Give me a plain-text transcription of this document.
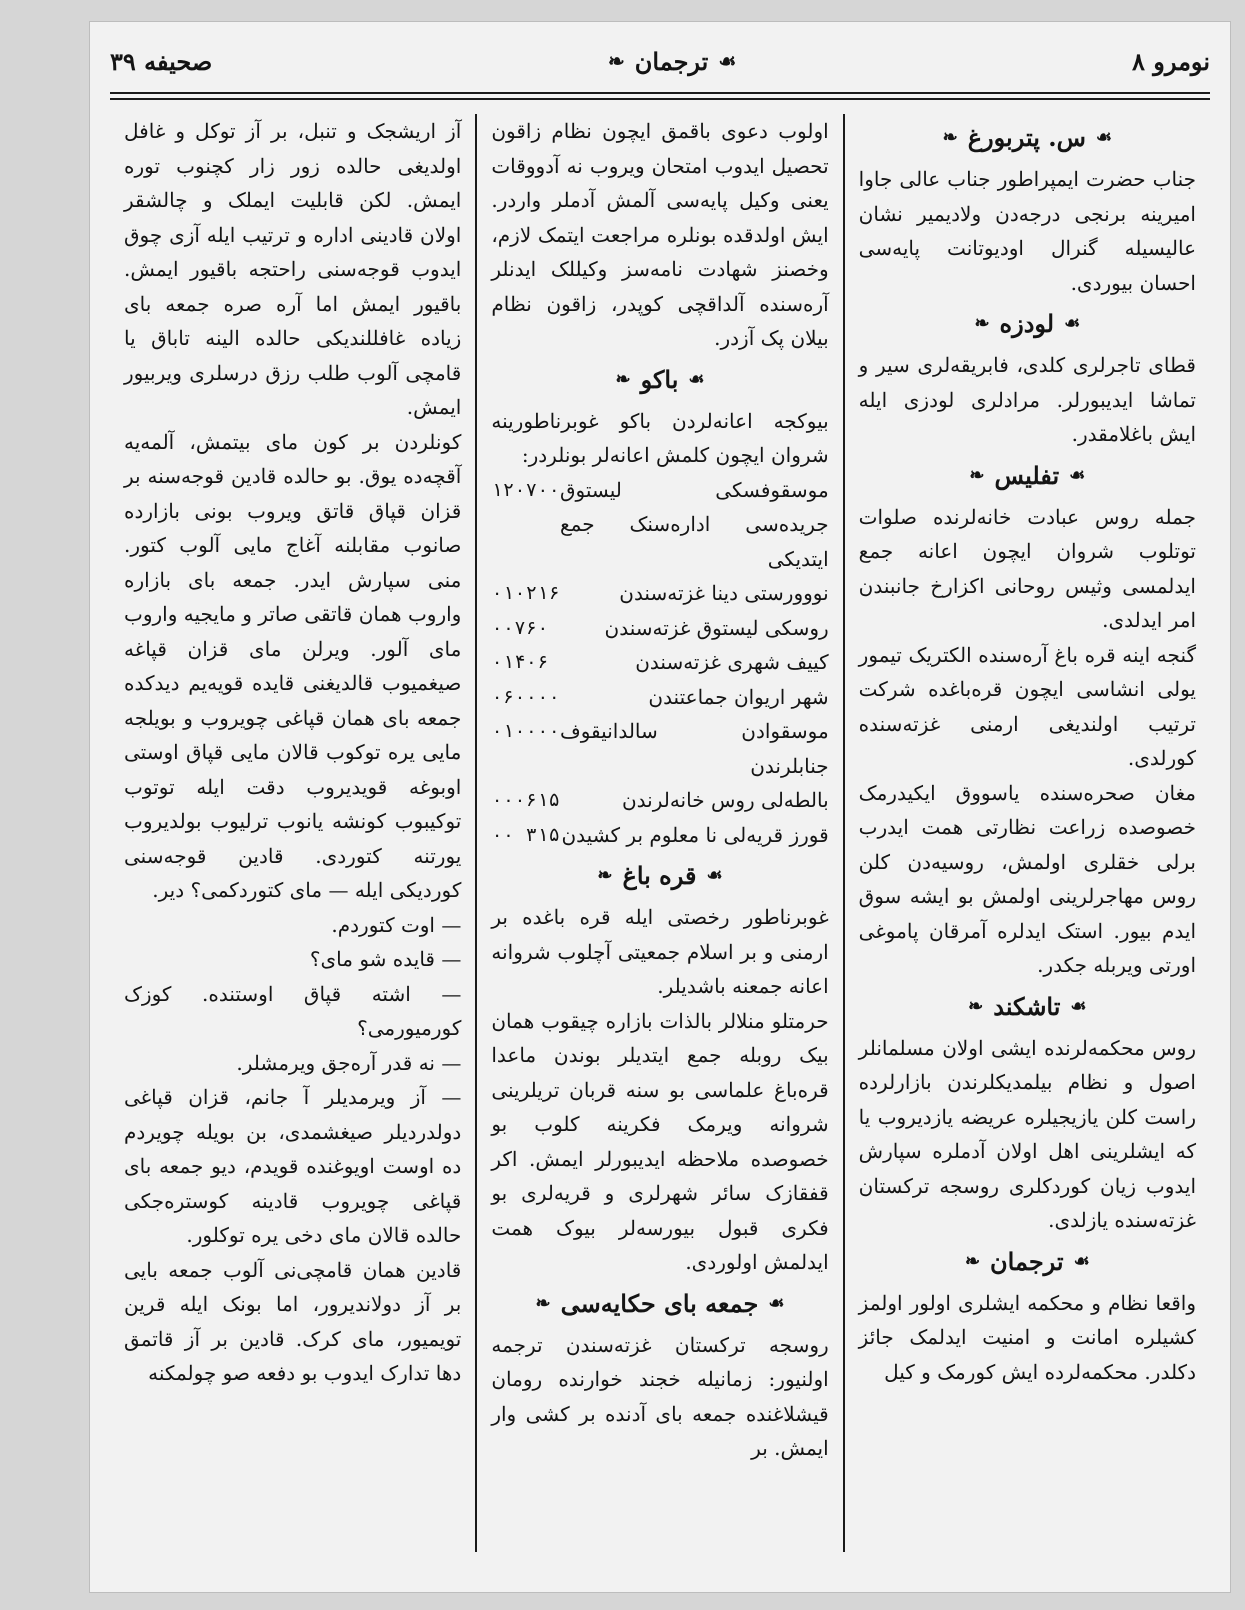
نومرو ۸
☙
ترجمان
❧
صحیفه ۳۹
☙
س. پتربورغ
❧

جناب حضرت ایمپراطور جناب عالی جاوا امیرینه برنجی درجه‌دن ولادیمیر نشان عالیسیله گنرال اودیوتانت پایه‌سی احسان بیوردی.

☙
لودزه
❧

قطای تاجرلری کلدی، فابریقه‌لری سیر و تماشا ایدیبورلر. مرادلری لودزی ایله ایش باغلامقدر.

☙
تفلیس
❧

جمله روس عبادت خانه‌لرنده صلوات توتلوب شروان ایچون اعانه جمع ایدلمسی وثیس روحانی اکزارخ جانبندن امر ایدلدی.

گنجه اینه قره باغ آره‌سنده الکتریک تیمور یولی انشاسی ایچون قره‌باغده شرکت ترتیب اولندیغی ارمنی غزته‌سنده کورلدی.

مغان صحره‌سنده یاسووق ایکیدرمک خصوصده زراعت نظارتی همت ایدرب برلی خقلری اولمش، روسیه‌دن کلن روس مهاجرلرینی اولمش بو ایشه سوق ایدم بیور. استک ایدلره آمرقان پاموغی اورتی ویربله جکدر.

☙
تاشکند
❧

روس محکمه‌لرنده ایشی اولان مسلمانلر اصول و نظام بیلمدیکلرندن بازارلرده راست کلن یازیجیلره عریضه یازدیروب یا که ایشلرینی اهل اولان آدملره سپارش ایدوب زیان کوردکلری روسجه ترکستان غزته‌سنده یازلدی.

☙
ترجمان
❧

واقعا نظام و محکمه ایشلری اولور اولمز کشیلره امانت و امنیت ایدلمک جائز دکلدر. محکمه‌لرده ایش کورمک و کیل

اولوب دعوی باقمق ایچون نظام زاقون تحصیل ایدوب امتحان ویروب نه آدووقات یعنی وکیل پایه‌سی آلمش آدملر واردر. ایش اولدقده بونلره مراجعت ایتمک لازم، وخصنز شهادت نامه‌سز وکیللک ایدنلر آره‌سنده آلداقچی کوپدر، زاقون نظام بیلان پک آزدر.

☙
باکو
❧

بیوکجه اعانه‌لردن باکو غوبرناطورینه شروان ایچون کلمش اعانه‌لر بونلردر:

موسقوفسکی لیستوق جریده‌سی اداره‌سنک جمع ایتدیکی
۱۲۰۷۰۰
نووورستی دینا غزته‌سندن
۰۱۰۲۱۶
روسکی لیستوق غزته‌سندن
۰۰۷۶۰
کییف شهری غزته‌سندن
۰۱۴۰۶
شهر اریوان جماعتندن
۰۶۰۰۰۰
موسقوادن سالدانیقوف جنابلرندن
۰۱۰۰۰۰
بالطه‌لی روس خانه‌لرندن
۰۰۰۶۱۵
قورز قریه‌لی نا معلوم بر کشیدن
۰۰ ۳۱۵
☙
قره باغ
❧

غوبرناطور رخصتی ایله قره باغده بر ارمنی و بر اسلام جمعیتی آچلوب شروانه اعانه جمعنه باشدیلر.

حرمتلو منلالر بالذات بازاره چیقوب همان بیک روبله جمع ایتدیلر بوندن ماعدا قره‌باغ علماسی بو سنه قربان تریلرینی شروانه ویرمک فکرینه کلوب بو خصوصده ملاحظه ایدیبورلر ایمش. اکر قفقازک سائر شهرلری و قریه‌لری بو فکری قبول بیورسه‌لر بیوک همت ایدلمش اولوردی.

☙
جمعه بای حکایه‌سی
❧

روسجه ترکستان غزته‌سندن ترجمه اولنیور: زمانیله خجند خوارنده رومان قیشلاغنده جمعه بای آدنده بر کشی وار ایمش. بر

آز اریشجک و تنبل، بر آز توکل و غافل اولدیغی حالده زور زار کچنوب توره ایمش. لکن قابلیت ایملک و چالشقر اولان قادینی اداره و ترتیب ایله آزی چوق ایدوب قوجه‌سنی راحتجه باقیور ایمش. باقیور ایمش اما آره صره جمعه بای زیاده غافللندیکی حالده الینه تاباق یا قامچی آلوب طلب رزق درسلری ویربیور ایمش.

کونلردن بر کون ما‌ی بیتمش، آلمه‌یه آقچه‌ده یوق. بو حالده قادین قوجه‌سنه بر قزان قپاق قاتق ویروب بونی بازارده صانوب مقابلنه آغاج مایی آلوب کتور. منی سپارش ایدر. جمعه بای بازاره واروب همان قاتقی صاتر و مایجیه واروب مای آلور. ویرلن مای قزان قپاغه صیغمیوب قالدیغنی قایده قویه‌یم دیدکده جمعه بای همان قپاغی چویروب و بویلجه مایی یره توکوب قالان مایی قپاق اوستی اوبوغه قویدیروب دقت ایله توتوب توکیبوب کونشه یانوب ترلیوب بولدیروب یورتنه کتوردی. قادین قوجه‌سنی کوردیکی ایله — مای کتوردکمی؟ دیر.

— اوت کتوردم.

— قایده شو مای؟

— اشته قپاق اوستنده. کوزک کورمیورمی؟

— نه قدر آره‌جق ویرمشلر.

— آز ویرمدیلر آ جانم، قزان قپاغی دولدردیلر صیغشمدی، بن بویله چویردم ده اوست اویوغنده قویدم، دیو جمعه بای قپاغی چویروب قادینه کوستره‌جکی حالده قالان مای دخی یره توکلور.

قادین همان قامچی‌نی آلوب جمعه بایی بر آز دولاندیرور، اما بونک ایله قرین تویمیور، مای کرک. قادین بر آز قاتمق دها تدارک ایدوب بو دفعه صو چولمکنه
